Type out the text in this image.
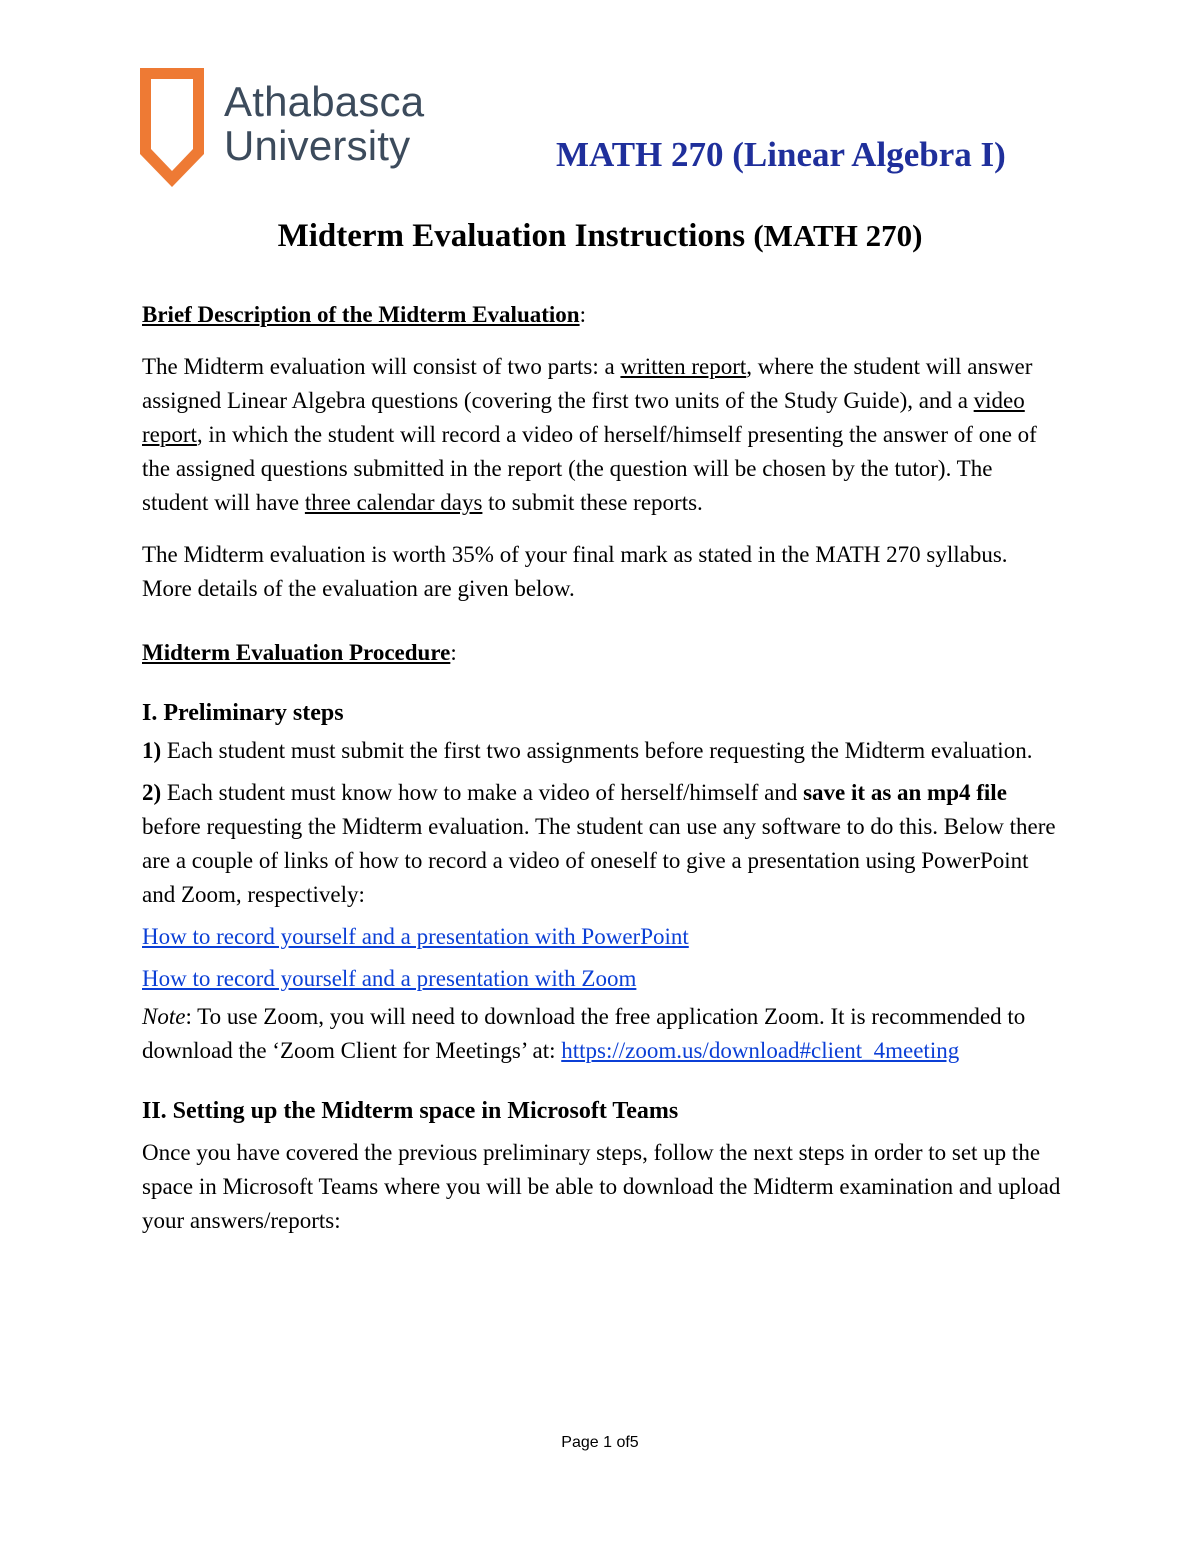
Athabasca
University	MATH 270 (Linear Algebra I)
Midterm Evaluation Instructions (MATH 270)

Brief Description of the Midterm Evaluation:

The Midterm evaluation will consist of two parts: a written report, where the student will answer assigned Linear Algebra questions (covering the first two units of the Study Guide), and a video report, in which the student will record a video of herself/himself presenting the answer of one of the assigned questions submitted in the report (the question will be chosen by the tutor). The student will have three calendar days to submit these reports.

The Midterm evaluation is worth 35% of your final mark as stated in the MATH 270 syllabus. More details of the evaluation are given below.

Midterm Evaluation Procedure:

I. Preliminary steps

1) Each student must submit the first two assignments before requesting the Midterm evaluation.

2) Each student must know how to make a video of herself/himself and save it as an mp4 file before requesting the Midterm evaluation. The student can use any software to do this. Below there are a couple of links of how to record a video of oneself to give a presentation using PowerPoint and Zoom, respectively:

How to record yourself and a presentation with PowerPoint

How to record yourself and a presentation with Zoom

Note: To use Zoom, you will need to download the free application Zoom. It is recommended to download the ‘Zoom Client for Meetings’ at: https://zoom.us/download#client_4meeting

II. Setting up the Midterm space in Microsoft Teams

Once you have covered the previous preliminary steps, follow the next steps in order to set up the space in Microsoft Teams where you will be able to download the Midterm examination and upload your answers/reports:

Page 1 of5
